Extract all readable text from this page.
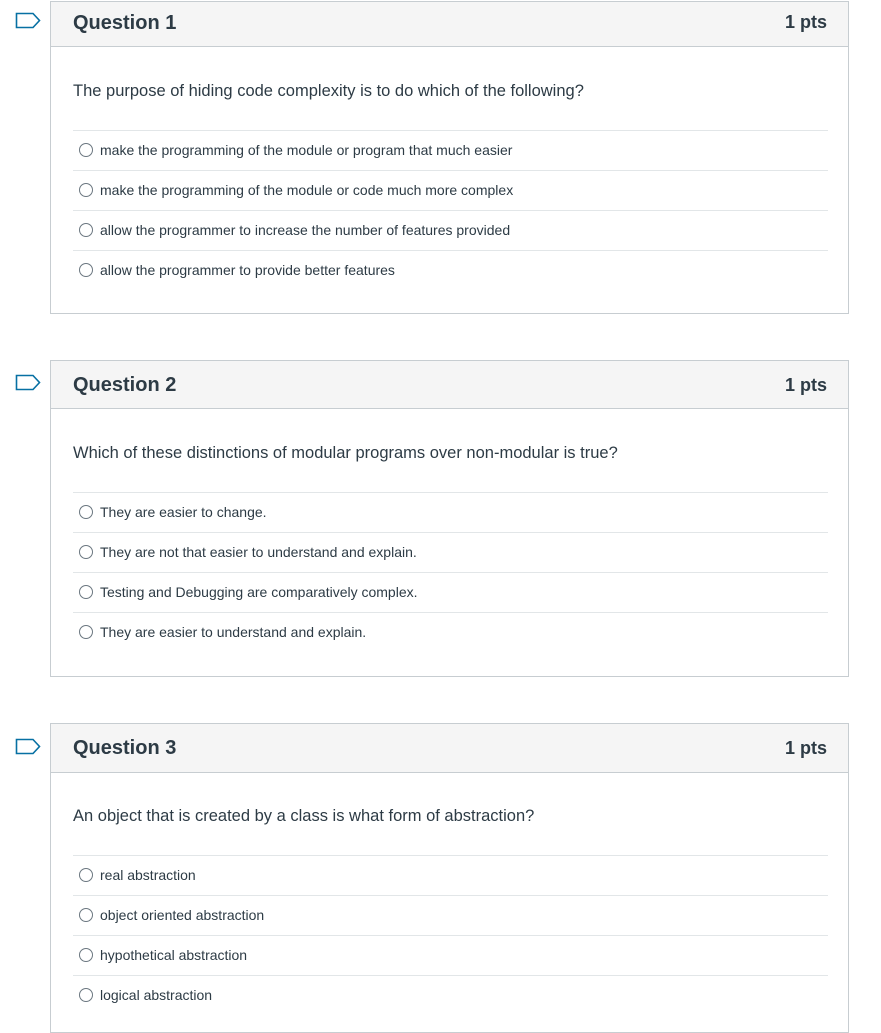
Question 1	1 pts
The purpose of hiding code complexity is to do which of the following?
make the programming of the module or program that much easier
make the programming of the module or code much more complex
allow the programmer to increase the number of features provided
allow the programmer to provide better features
Question 2	1 pts
Which of these distinctions of modular programs over non-modular is true?
They are easier to change.
They are not that easier to understand and explain.
Testing and Debugging are comparatively complex.
They are easier to understand and explain.
Question 3	1 pts
An object that is created by a class is what form of abstraction?
real abstraction
object oriented abstraction
hypothetical abstraction
logical abstraction
